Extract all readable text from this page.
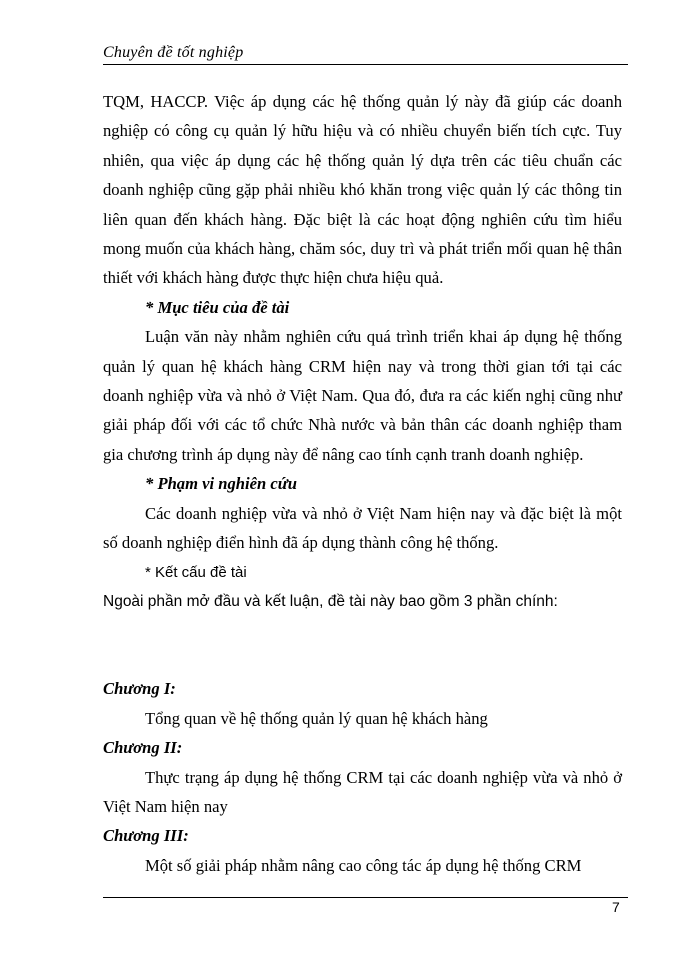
Chuyên đề tốt nghiệp

TQM, HACCP. Việc áp dụng các hệ thống quản lý này đã giúp các doanh nghiệp có công cụ quản lý hữu hiệu và có nhiều chuyển biến tích cực. Tuy nhiên, qua việc áp dụng các hệ thống quản lý dựa trên các tiêu chuẩn các doanh nghiệp cũng gặp phải nhiều khó khăn trong việc quản lý các thông tin liên quan đến khách hàng. Đặc biệt là các hoạt động nghiên cứu tìm hiểu mong muốn của khách hàng, chăm sóc, duy trì và phát triển mối quan hệ thân thiết với khách hàng được thực hiện chưa hiệu quả.

* Mục tiêu của đề tài

Luận văn này nhằm nghiên cứu quá trình triển khai áp dụng hệ thống quản lý quan hệ khách hàng CRM hiện nay và trong thời gian tới tại các doanh nghiệp vừa và nhỏ ở Việt Nam. Qua đó, đưa ra các kiến nghị cũng như giải pháp đối với các tổ chức Nhà nước và bản thân các doanh nghiệp tham gia chương trình áp dụng này để nâng cao tính cạnh tranh doanh nghiệp.

* Phạm vi nghiên cứu

Các doanh nghiệp vừa và nhỏ ở Việt Nam hiện nay và đặc biệt là một số doanh nghiệp điển hình đã áp dụng thành công hệ thống.

* Kết cấu đề tài

Ngoài phần mở đầu và kết luận, đề tài này bao gồm 3 phần chính:

Chương I:

Tổng quan về hệ thống quản lý quan hệ khách hàng

Chương II:

Thực trạng áp dụng hệ thống CRM tại các doanh nghiệp vừa và nhỏ ở Việt Nam hiện nay

Chương III:

Một số giải pháp nhằm nâng cao công tác áp dụng hệ thống CRM

7
